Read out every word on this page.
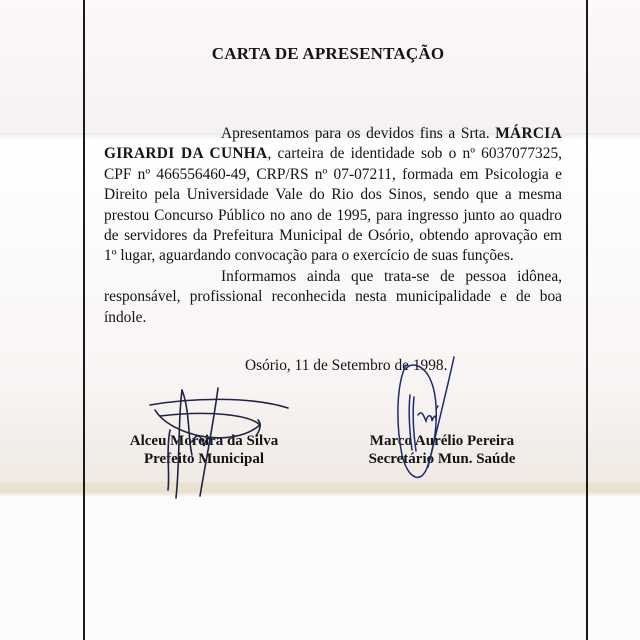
CARTA DE APRESENTAÇÃO

Apresentamos para os devidos fins a Srta. MÁRCIA GIRARDI DA CUNHA, carteira de identidade sob o nº 6037077325, CPF nº 466556460-49, CRP/RS nº 07-07211, formada em Psicologia e Direito pela Universidade Vale do Rio dos Sinos, sendo que a mesma prestou Concurso Público no ano de 1995, para ingresso junto ao quadro de servidores da Prefeitura Municipal de Osório, obtendo aprovação em 1º lugar, aguardando convocação para o exercício de suas funções.

Informamos ainda que trata-se de pessoa idônea, responsável, profissional reconhecida nesta municipalidade e de boa índole.

Osório, 11 de Setembro de 1998.
Alceu Moreira da Silva
Prefeito Municipal
Marco Aurélio Pereira
Secretário Mun. Saúde
